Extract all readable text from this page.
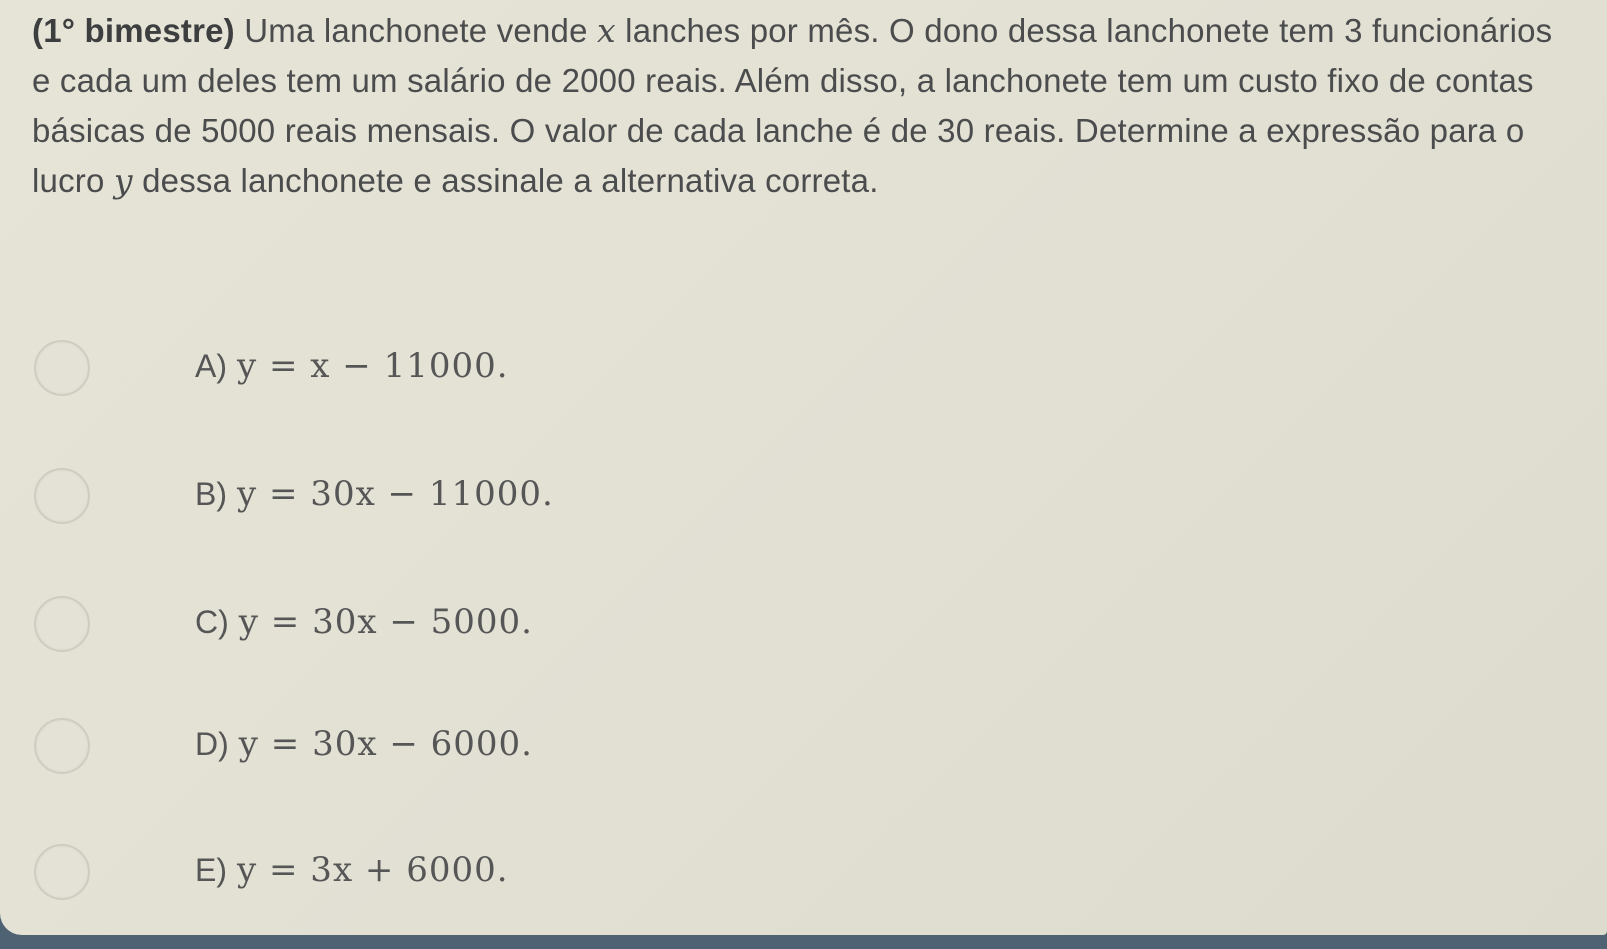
(1° bimestre) Uma lanchonete vende x lanches por mês. O dono dessa lanchonete tem 3 funcionários e cada um deles tem um salário de 2000 reais. Além disso, a lanchonete tem um custo fixo de contas básicas de 5000 reais mensais. O valor de cada lanche é de 30 reais. Determine a expressão para o lucro y dessa lanchonete e assinale a alternativa correta.

A) y = x − 11000.
B) y = 30x − 11000.
C) y = 30x − 5000.
D) y = 30x − 6000.
E) y = 3x + 6000.
